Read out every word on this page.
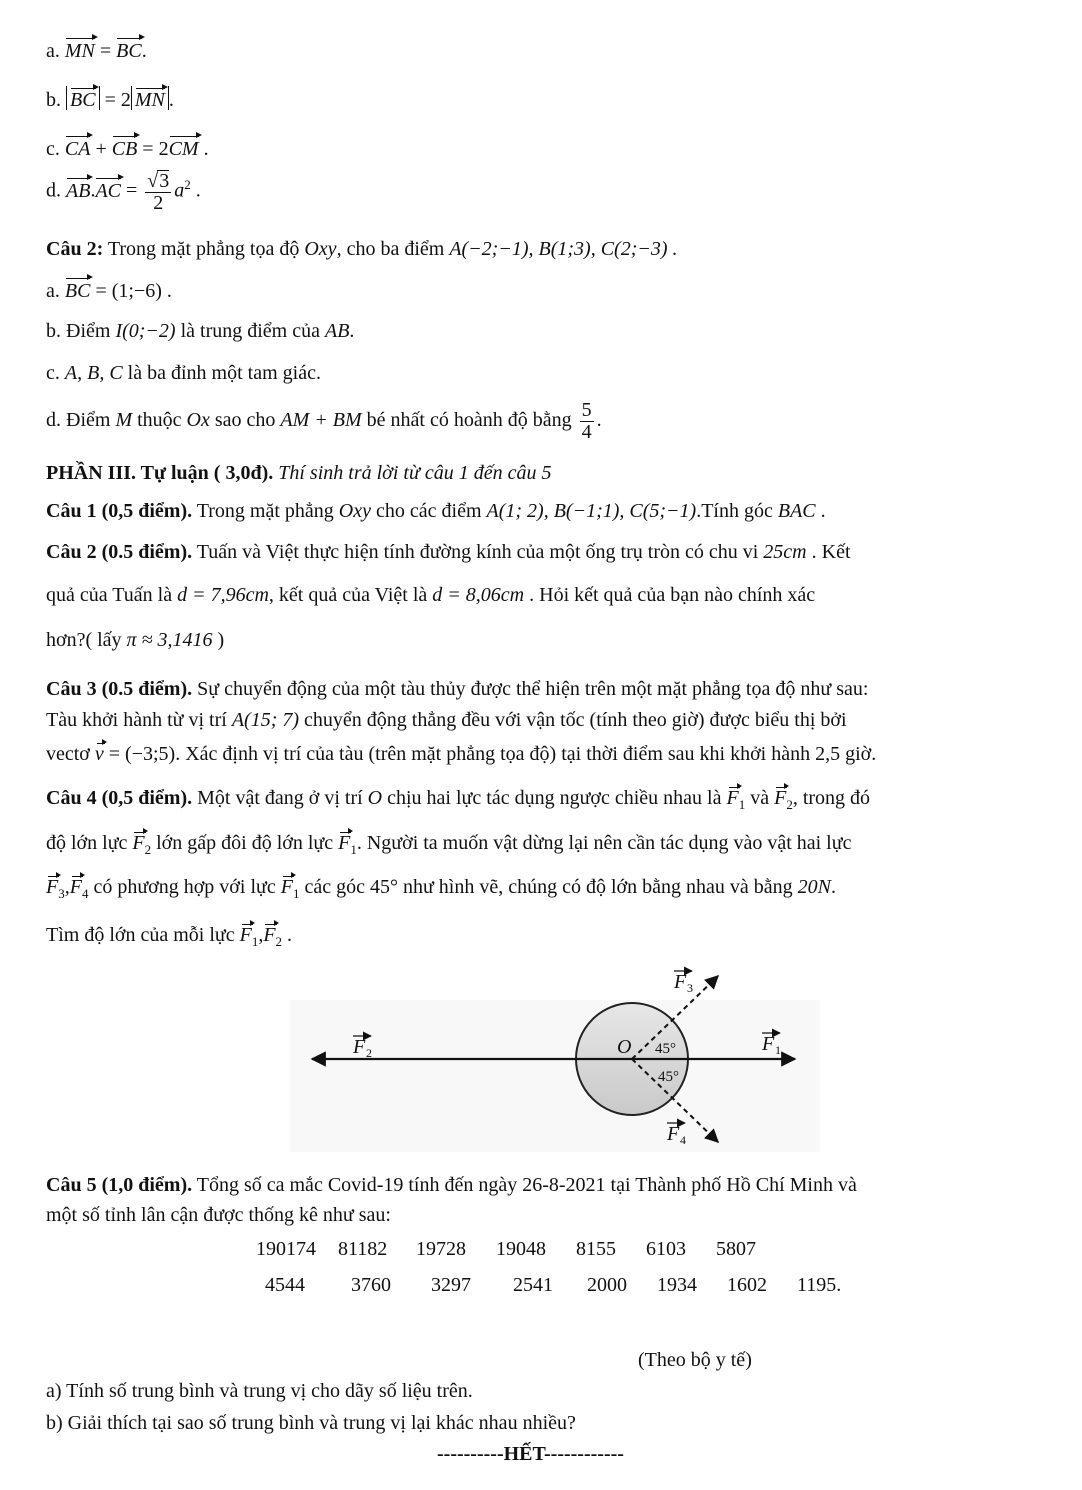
a. MN = BC.
b. BC = 2 MN .
c. CA + CB = 2CM .
d. $AB.AC = \frac{√3}{2} a^2$ .
Câu 2: Trong mặt phẳng tọa độ Oxy, cho ba điểm A(−2;−1), B(1;3), C(2;−3) .
a. BC = (1;−6) .
b. Điểm I(0;−2) là trung điểm của AB.
c. A, B, C là ba đỉnh một tam giác.
d. Điểm M thuộc Ox sao cho AM + BM bé nhất có hoành độ bằng $\frac{5}{4}$ .
PHẦN III. Tự luận ( 3,0đ). Thí sinh trả lời từ câu 1 đến câu 5
Câu 1 (0,5 điểm). Trong mặt phẳng Oxy cho các điểm A(1; 2), B(−1;1), C(5;−1).Tính góc BAC .
Câu 2 (0.5 điểm). Tuấn và Việt thực hiện tính đường kính của một ống trụ tròn có chu vi 25cm . Kết
quả của Tuấn là d = 7,96cm, kết quả của Việt là d = 8,06cm . Hỏi kết quả của bạn nào chính xác
hơn?( lấy π ≈ 3,1416 )
Câu 3 (0.5 điểm). Sự chuyển động của một tàu thủy được thể hiện trên một mặt phẳng tọa độ như sau:
Tàu khởi hành từ vị trí A(15; 7) chuyển động thẳng đều với vận tốc (tính theo giờ) được biểu thị bởi
vectơ v = (−3;5). Xác định vị trí của tàu (trên mặt phẳng tọa độ) tại thời điểm sau khi khởi hành 2,5 giờ.
Câu 4 (0,5 điểm). Một vật đang ở vị trí O chịu hai lực tác dụng ngược chiều nhau là $F_1$ và $F_2$, trong đó
độ lớn lực $F_2$ lớn gấp đôi độ lớn lực $F_1$. Người ta muốn vật dừng lại nên cần tác dụng vào vật hai lực
$F_3,F_4$ có phương hợp với lực $F_1$ các góc 45° như hình vẽ, chúng có độ lớn bằng nhau và bằng 20N.
Tìm độ lớn của mỗi lực $F_1,F_2$ .
O 45°
45°
F 1
F 2
F 3
F 4
Câu 5 (1,0 điểm). Tổng số ca mắc Covid-19 tính đến ngày 26-8-2021 tại Thành phố Hồ Chí Minh và
một số tỉnh lân cận được thống kê như sau:
190174	81182	19728	19048	8155	6103	5807
4544	3760	3297	2541	2000	1934	1602	1195.
(Theo bộ y tế)
a) Tính số trung bình và trung vị cho dãy số liệu trên.
b) Giải thích tại sao số trung bình và trung vị lại khác nhau nhiều?
----------HẾT------------
